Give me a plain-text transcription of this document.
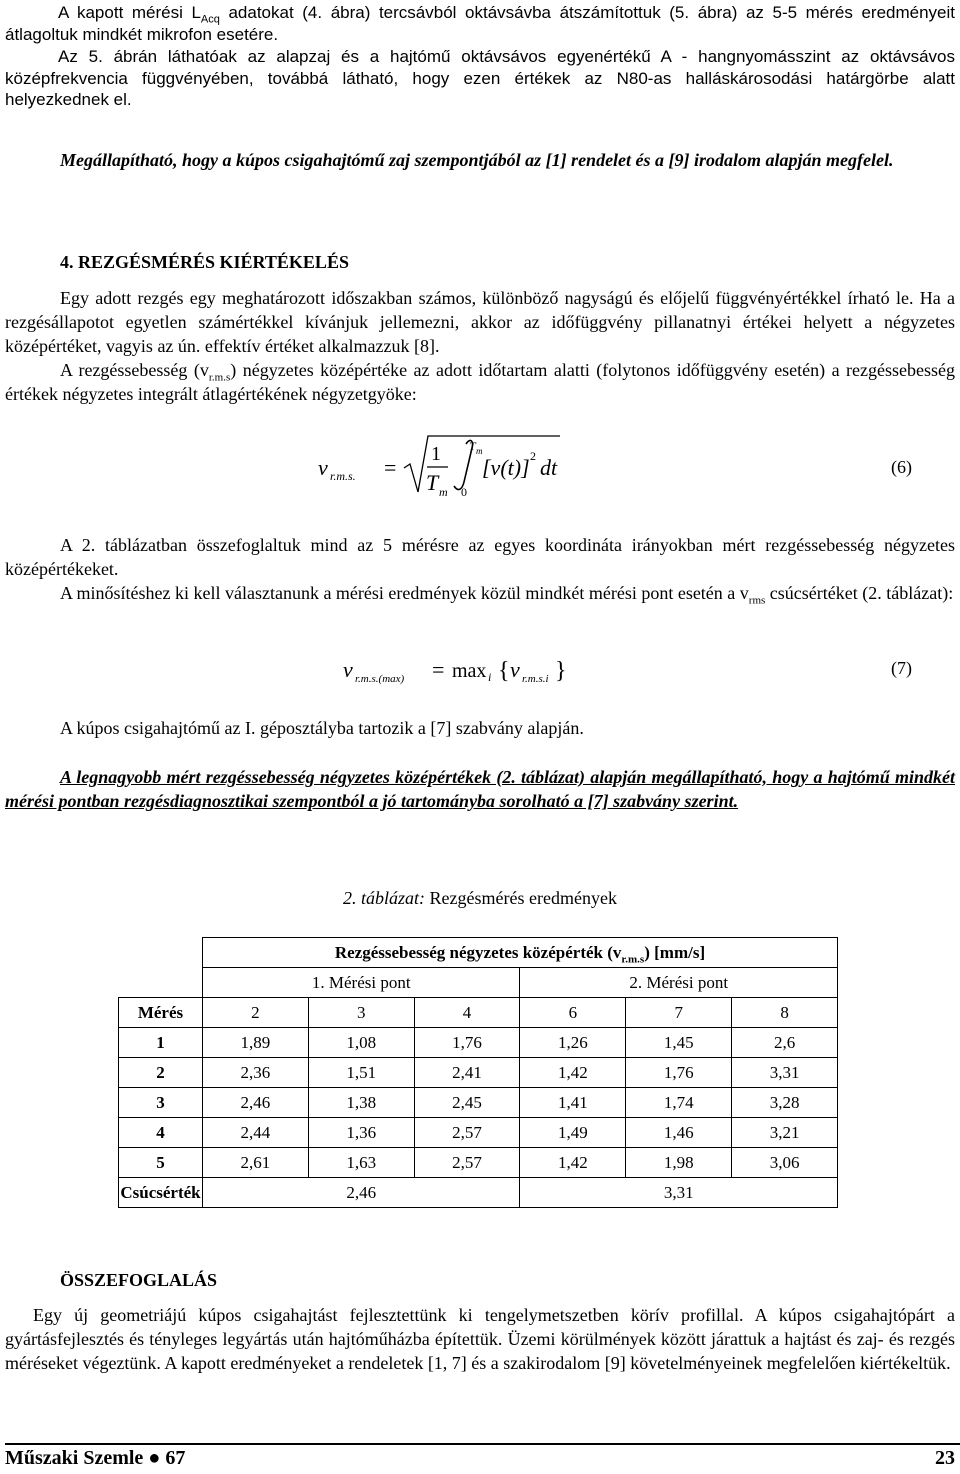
A kapott mérési $L_{Acq}$ adatokat (4. ábra) tercsávból oktávsávba átszámítottuk (5. ábra) az 5-5 mérés eredményeit átlagoltuk mindkét mikrofon esetére.

Az 5. ábrán láthatóak az alapzaj és a hajtómű oktávsávos egyenértékű A - hangnyomásszint az oktávsávos középfrekvencia függvényében, továbbá látható, hogy ezen értékek az N80-as halláskárosodási határgörbe alatt helyezkednek el.

Megállapítható, hogy a kúpos csigahajtómű zaj szempontjából az [1] rendelet és a [9] irodalom alapján megfelel.

4. REZGÉSMÉRÉS KIÉRTÉKELÉS

Egy adott rezgés egy meghatározott időszakban számos, különböző nagyságú és előjelű függvényértékkel írható le. Ha a rezgésállapotot egyetlen számértékkel kívánjuk jellemezni, akkor az időfüggvény pillanatnyi értékei helyett a négyzetes középértéket, vagyis az ún. effektív értéket alkalmazzuk [8].

A rezgéssebesség $(v_{r.m.s})$ négyzetes középértéke az adott időtartam alatti (folytonos időfüggvény esetén) a rezgéssebesség értékek négyzetes integrált átlagértékének négyzetgyöke:

v r.m.s. =
1
T m
T m
0
[v(t)] 2 dt	(6)

A 2. táblázatban összefoglaltuk mind az 5 mérésre az egyes koordináta irányokban mért rezgéssebesség négyzetes középértékeket.

A minősítéshez ki kell választanunk a mérési eredmények közül mindkét mérési pont esetén a $v_{rms}$ csúcsértéket (2. táblázat):

v r.m.s.(max) = max i { v r.m.s.i }	(7)

A kúpos csigahajtómű az I. géposztályba tartozik a [7] szabvány alapján.

A legnagyobb mért rezgéssebesség négyzetes középértékek (2. táblázat) alapján megállapítható, hogy a hajtómű mindkét mérési pontban rezgésdiagnosztikai szempontból a jó tartományba sorolható a [7] szabvány szerint.

2. táblázat: Rezgésmérés eredmények
	Rezgéssebesség négyzetes középérték $(v_{r.m.s})$ [mm/s]					
	1. Mérési pont			2. Mérési pont		
Mérés	2	3	4	6	7	8
1	1,89	1,08	1,76	1,26	1,45	2,6
2	2,36	1,51	2,41	1,42	1,76	3,31
3	2,46	1,38	2,45	1,41	1,74	3,28
4	2,44	1,36	2,57	1,49	1,46	3,21
5	2,61	1,63	2,57	1,42	1,98	3,06
Csúcsérték	2,46			3,31		
ÖSSZEFOGLALÁS

Egy új geometriájú kúpos csigahajtást fejlesztettünk ki tengelymetszetben körív profillal. A kúpos csigahajtópárt a gyártásfejlesztés és tényleges legyártás után hajtóműházba építettük. Üzemi körülmények között járattuk a hajtást és zaj- és rezgés méréseket végeztünk. A kapott eredményeket a rendeletek [1, 7] és a szakirodalom [9] követelményeinek megfelelően kiértékeltük.

Műszaki Szemle ● 67	23
